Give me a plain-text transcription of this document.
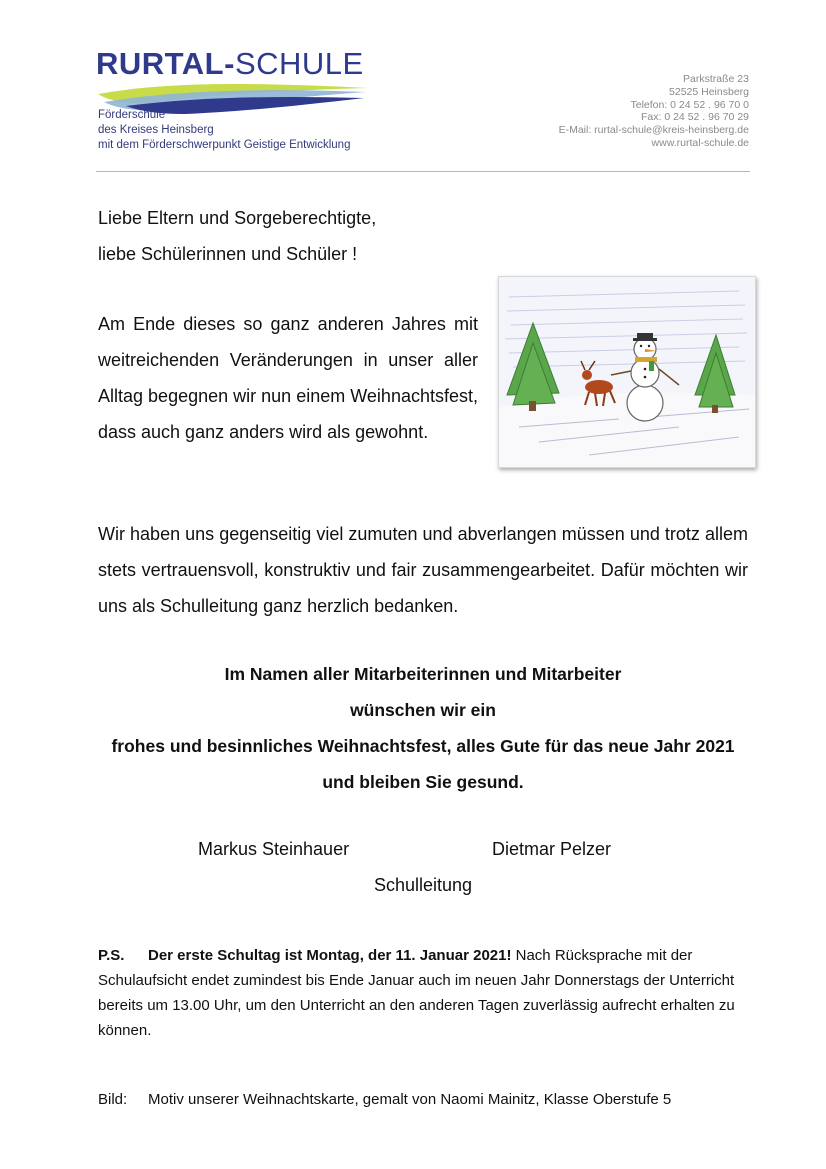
RURTAL-SCHULE
Förderschule
des Kreises Heinsberg
mit dem Förderschwerpunkt Geistige Entwicklung
Parkstraße 23
52525 Heinsberg
Telefon: 0 24 52 . 96 70 0
Fax: 0 24 52 . 96 70 29
E-Mail: rurtal-schule@kreis-heinsberg.de
www.rurtal-schule.de
Liebe Eltern und Sorgeberechtigte,
liebe Schülerinnen und Schüler !
Am Ende dieses so ganz anderen Jahres mit weitreichenden Veränderungen in unser aller Alltag begegnen wir nun einem Weihnachtsfest, dass auch ganz anders wird als gewohnt.
Wir haben uns gegenseitig viel zumuten und abverlangen müssen und trotz allem stets vertrauensvoll, konstruktiv und fair zusammengearbeitet. Dafür möchten wir uns als Schulleitung ganz herzlich bedanken.
Im Namen aller Mitarbeiterinnen und Mitarbeiter
wünschen wir ein
frohes und besinnliches Weihnachtsfest, alles Gute für das neue Jahr 2021
und bleiben Sie gesund.
Markus Steinhauer	Dietmar Pelzer
Schulleitung
P.S. Der erste Schultag ist Montag, der 11. Januar 2021! Nach Rücksprache mit der Schulaufsicht endet zumindest bis Ende Januar auch im neuen Jahr Donnerstags der Unterricht bereits um 13.00 Uhr, um den Unterricht an den anderen Tagen zuverlässig aufrecht erhalten zu können.
Bild: Motiv unserer Weihnachtskarte, gemalt von Naomi Mainitz, Klasse Oberstufe 5
